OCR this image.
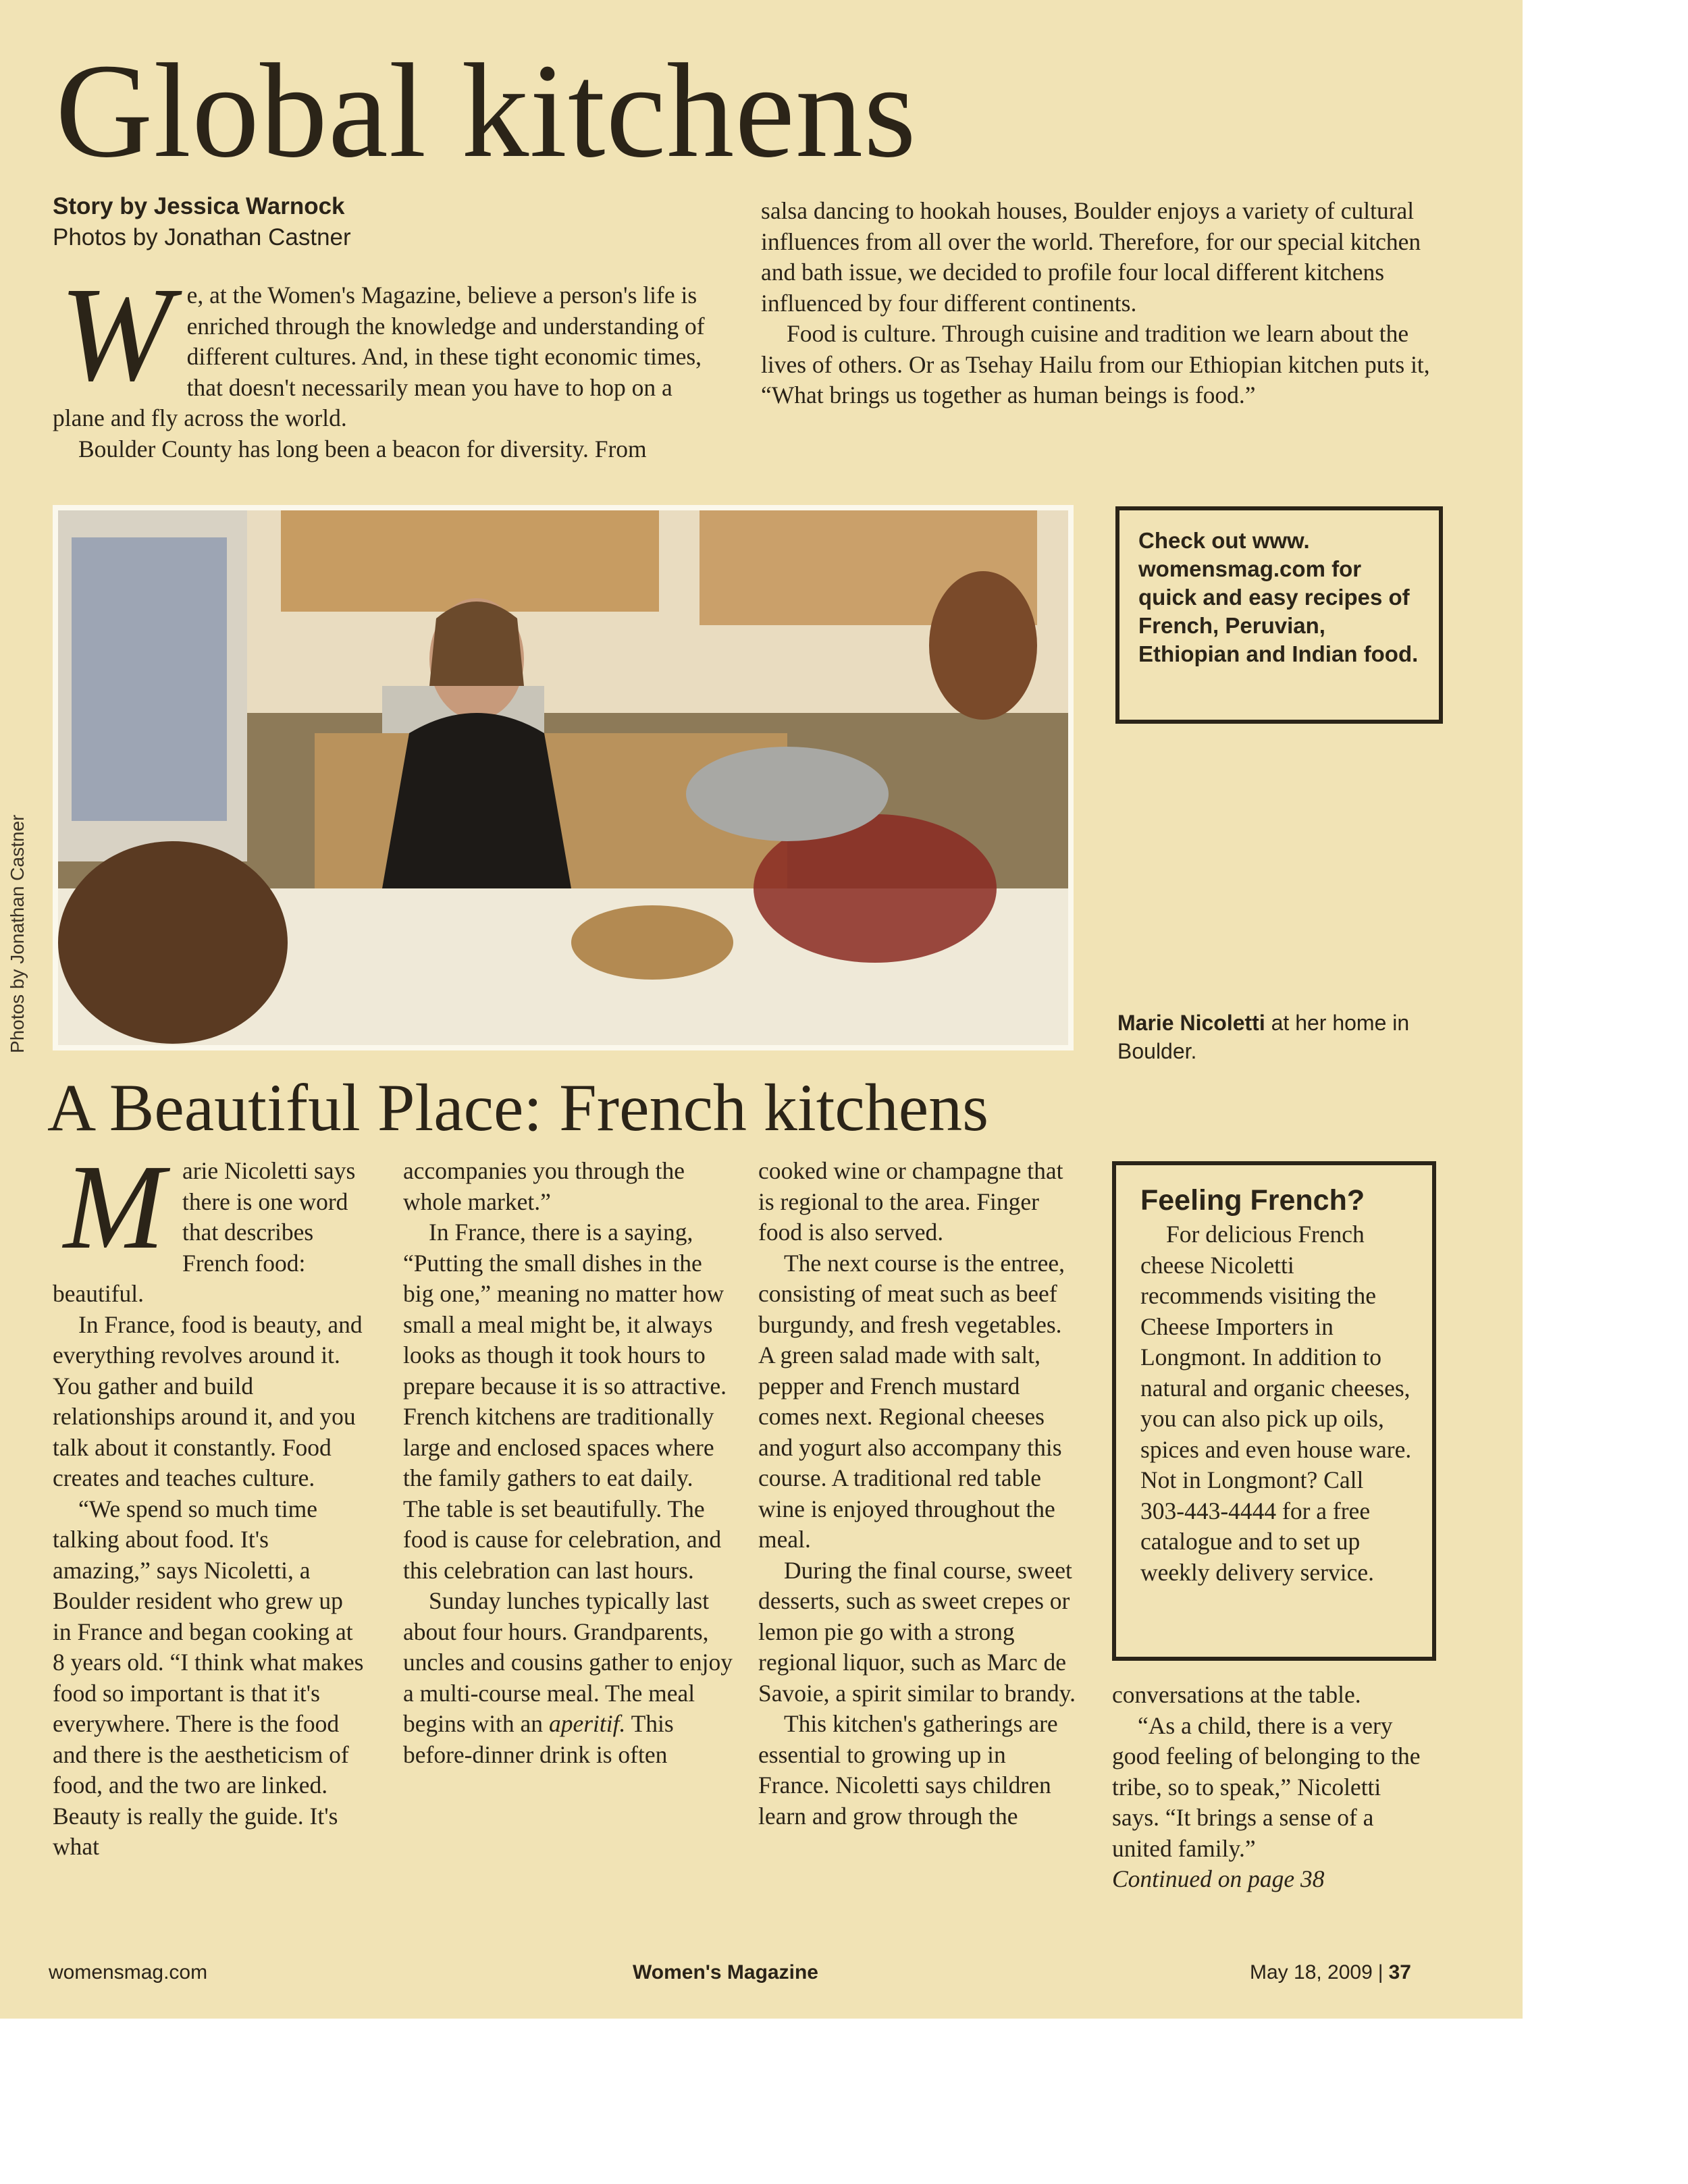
Global kitchens
Story by Jessica Warnock
Photos by Jonathan Castner
W e, at the Women's Magazine, believe a person's life is enriched through the knowledge and understanding of different cultures. And, in these tight economic times, that doesn't necessarily mean you have to hop on a plane and fly across the world.

Boulder County has long been a beacon for diversity. From

salsa dancing to hookah houses, Boulder enjoys a variety of cultural influences from all over the world. Therefore, for our special kitchen and bath issue, we decided to profile four local different kitchens influenced by four different continents.

Food is culture. Through cuisine and tradition we learn about the lives of others. Or as Tsehay Hailu from our Ethiopian kitchen puts it, “What brings us together as human beings is food.”

Photos by Jonathan Castner
Check out www. womensmag.com for quick and easy recipes of French, Peruvian, Ethiopian and Indian food.
Marie Nicoletti at her home in Boulder.
A Beautiful Place: French kitchens
M arie Nicoletti says there is one word that describes French food: beautiful.

In France, food is beauty, and everything revolves around it. You gather and build relationships around it, and you talk about it constantly. Food creates and teaches culture.

“We spend so much time talking about food. It's amazing,” says Nicoletti, a Boulder resident who grew up in France and began cooking at 8 years old. “I think what makes food so important is that it's everywhere. There is the food and there is the aestheticism of food, and the two are linked. Beauty is really the guide. It's what

accompanies you through the whole market.”

In France, there is a saying, “Putting the small dishes in the big one,” meaning no matter how small a meal might be, it always looks as though it took hours to prepare because it is so attractive. French kitchens are traditionally large and enclosed spaces where the family gathers to eat daily. The table is set beautifully. The food is cause for celebration, and this celebration can last hours.

Sunday lunches typically last about four hours. Grandparents, uncles and cousins gather to enjoy a multi-course meal. The meal begins with an aperitif. This before-dinner drink is often

cooked wine or champagne that is regional to the area. Finger food is also served.

The next course is the entree, consisting of meat such as beef burgundy, and fresh vegetables. A green salad made with salt, pepper and French mustard comes next. Regional cheeses and yogurt also accompany this course. A traditional red table wine is enjoyed throughout the meal.

During the final course, sweet desserts, such as sweet crepes or lemon pie go with a strong regional liquor, such as Marc de Savoie, a spirit similar to brandy.

This kitchen's gatherings are essential to growing up in France. Nicoletti says children learn and grow through the

Feeling French?
For delicious French cheese Nicoletti recommends visiting the Cheese Importers in Longmont. In addition to natural and organic cheeses, you can also pick up oils, spices and even house ware. Not in Longmont? Call 303-443-4444 for a free catalogue and to set up weekly delivery service.

conversations at the table.

“As a child, there is a very good feeling of belonging to the tribe, so to speak,” Nicoletti says. “It brings a sense of a united family.”

Continued on page 38

womensmag.com	Women's Magazine	May 18, 2009 | 37
